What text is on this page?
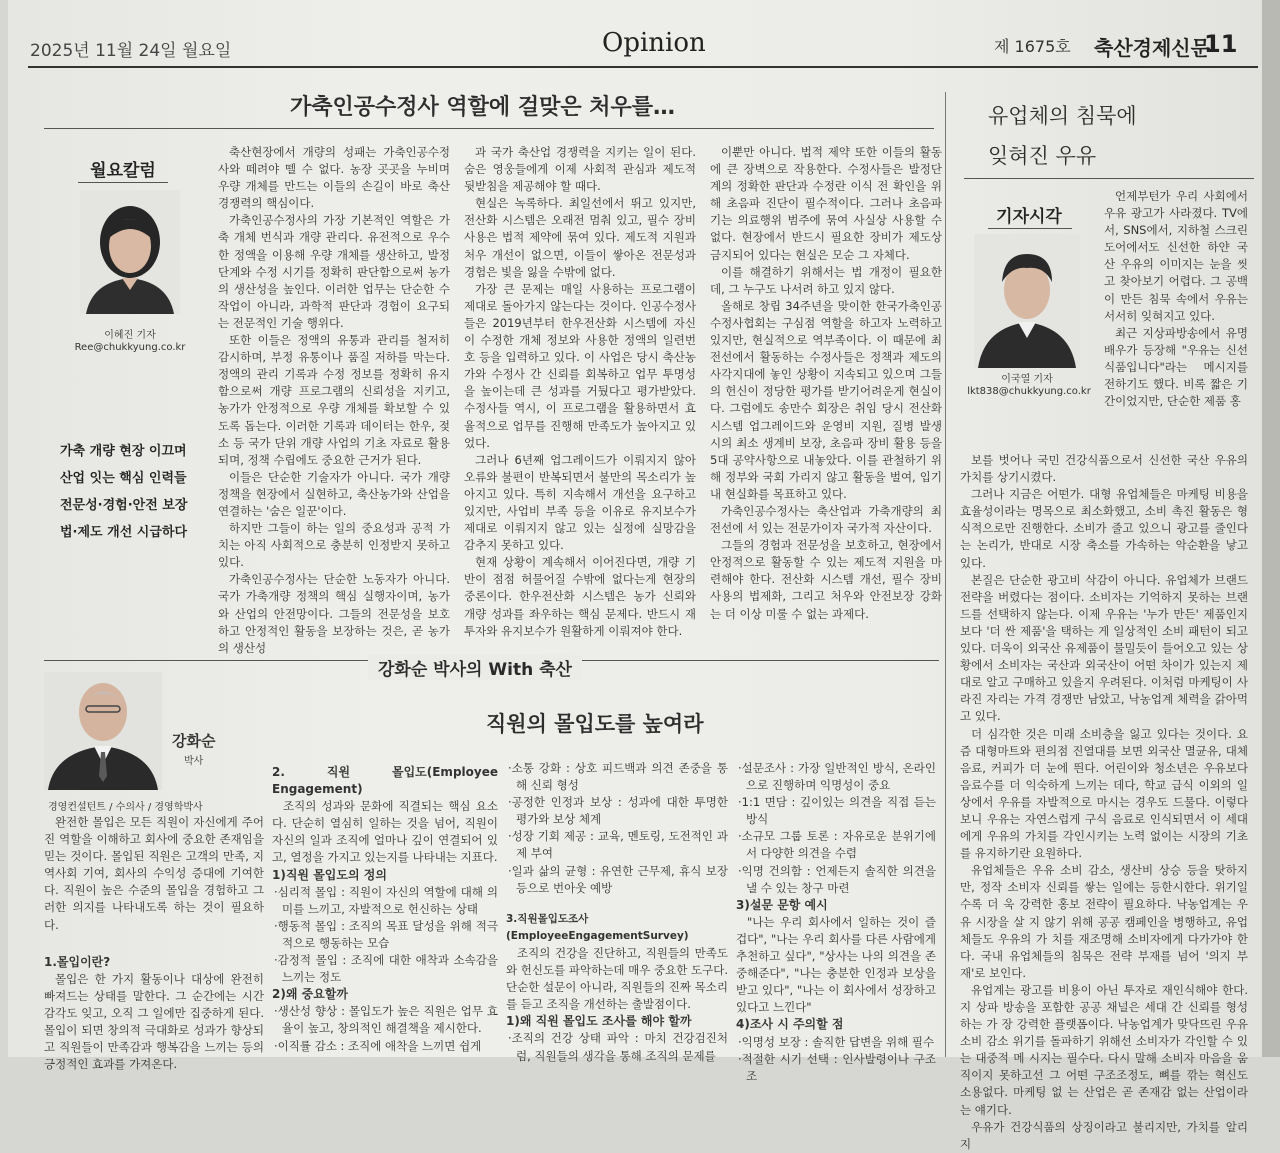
2025년 11월 24일 월요일	Opinion	제 1675호 축산경제신문
11
가축인공수정사 역할에 걸맞은 처우를…
월요칼럼
이혜진 기자
Ree@chukkyung.co.kr
가축 개량 현장 이끄며
산업 잇는 핵심 인력들
전문성·경험·안전 보장
법·제도 개선 시급하다

축산현장에서 개량의 성패는 가축인공수정사와 떼려야 뗄 수 없다. 농장 곳곳을 누비며 우량 개체를 만드는 이들의 손길이 바로 축산 경쟁력의 핵심이다.

가축인공수정사의 가장 기본적인 역할은 가축 개체 번식과 개량 관리다. 유전적으로 우수한 정액을 이용해 우량 개체를 생산하고, 발정단계와 수정 시기를 정확히 판단함으로써 농가의 생산성을 높인다. 이러한 업무는 단순한 수작업이 아니라, 과학적 판단과 경험이 요구되는 전문적인 기술 행위다.

또한 이들은 정액의 유통과 관리를 철저히 감시하며, 부정 유통이나 품질 저하를 막는다. 정액의 관리 기록과 수정 정보를 정확히 유지함으로써 개량 프로그램의 신뢰성을 지키고, 농가가 안정적으로 우량 개체를 확보할 수 있도록 돕는다. 이러한 기록과 데이터는 한우, 젖소 등 국가 단위 개량 사업의 기초 자료로 활용되며, 정책 수립에도 중요한 근거가 된다.

이들은 단순한 기술자가 아니다. 국가 개량 정책을 현장에서 실현하고, 축산농가와 산업을 연결하는 '숨은 일꾼'이다.

하지만 그들이 하는 일의 중요성과 공적 가치는 아직 사회적으로 충분히 인정받지 못하고 있다.

가축인공수정사는 단순한 노동자가 아니다. 국가 가축개량 정책의 핵심 실행자이며, 농가와 산업의 안전망이다. 그들의 전문성을 보호하고 안정적인 활동을 보장하는 것은, 곧 농가의 생산성

과 국가 축산업 경쟁력을 지키는 일이 된다. 숨은 영웅들에게 이제 사회적 관심과 제도적 뒷받침을 제공해야 할 때다.

현실은 녹록하다. 최일선에서 뛰고 있지만, 전산화 시스템은 오래전 멈춰 있고, 필수 장비 사용은 법적 제약에 묶여 있다. 제도적 지원과 처우 개선이 없으면, 이들이 쌓아온 전문성과 경험은 빛을 잃을 수밖에 없다.

가장 큰 문제는 매일 사용하는 프로그램이 제대로 돌아가지 않는다는 것이다. 인공수정사들은 2019년부터 한우전산화 시스템에 자신이 수정한 개체 정보와 사용한 정액의 일련번호 등을 입력하고 있다. 이 사업은 당시 축산농가와 수정사 간 신뢰를 회복하고 업무 투명성을 높이는데 큰 성과를 거뒀다고 평가받았다. 수정사들 역시, 이 프로그램을 활용하면서 효율적으로 업무를 진행해 만족도가 높아지고 있었다.

그러나 6년째 업그레이드가 이뤄지지 않아 오류와 불편이 반복되면서 불만의 목소리가 높아지고 있다. 특히 지속해서 개선을 요구하고 있지만, 사업비 부족 등을 이유로 유지보수가 제대로 이뤄지지 않고 있는 실정에 실망감을 감추지 못하고 있다.

현재 상황이 계속해서 이어진다면, 개량 기반이 점점 허물어질 수밖에 없다는게 현장의 중론이다. 한우전산화 시스템은 농가 신뢰와 개량 성과를 좌우하는 핵심 문제다. 반드시 재투자와 유지보수가 원활하게 이뤄져야 한다.

이뿐만 아니다. 법적 제약 또한 이들의 활동에 큰 장벽으로 작용한다. 수정사들은 발정단계의 정확한 판단과 수정란 이식 전 확인을 위해 초음파 진단이 필수적이다. 그러나 초음파기는 의료행위 범주에 묶여 사실상 사용할 수 없다. 현장에서 반드시 필요한 장비가 제도상 금지되어 있다는 현실은 모순 그 자체다.

이를 해결하기 위해서는 법 개정이 필요한데, 그 누구도 나서려 하고 있지 않다.

올해로 창립 34주년을 맞이한 한국가축인공수정사협회는 구심점 역할을 하고자 노력하고 있지만, 현실적으로 역부족이다. 이 때문에 최전선에서 활동하는 수정사들은 정책과 제도의 사각지대에 놓인 상황이 지속되고 있으며 그들의 헌신이 정당한 평가를 받기어려운게 현실이다. 그럼에도 송만수 회장은 취임 당시 전산화 시스템 업그레이드와 운영비 지원, 질병 발생시의 최소 생계비 보장, 초음파 장비 활용 등을 5대 공약사항으로 내놓았다. 이를 관철하기 위해 정부와 국회 가리지 않고 활동을 벌여, 입기 내 현실화를 목표하고 있다.

가축인공수정사는 축산업과 가축개량의 최전선에 서 있는 전문가이자 국가적 자산이다.

그들의 경험과 전문성을 보호하고, 현장에서 안정적으로 활동할 수 있는 제도적 지원을 마련해야 한다. 전산화 시스템 개선, 필수 장비 사용의 법제화, 그리고 처우와 안전보장 강화는 더 이상 미룰 수 없는 과제다.

강화순 박사의 With 축산
직원의 몰입도를 높여라
강화순
박사
경영컨설턴트 / 수의사 / 경영학박사

완전한 몰입은 모든 직원이 자신에게 주어진 역할을 이해하고 회사에 중요한 존재임을 믿는 것이다. 몰입된 직원은 고객의 만족, 지역사회 기여, 회사의 수익성 증대에 기여한다. 직원이 높은 수준의 몰입을 경험하고 그러한 의지를 나타내도록 하는 것이 필요하다.

1.몰입이란?

몰입은 한 가지 활동이나 대상에 완전히 빠져드는 상태를 말한다. 그 순간에는 시간 감각도 잊고, 오직 그 일에만 집중하게 된다. 몰입이 되면 창의적 극대화로 성과가 향상되고 직원들이 만족감과 행복감을 느끼는 등의 긍정적인 효과를 가져온다.

2. 직원 몰입도(Employee Engagement)

조직의 성과와 문화에 직결되는 핵심 요소다. 단순히 열심히 일하는 것을 넘어, 직원이 자신의 일과 조직에 얼마나 깊이 연결되어 있고, 열정을 가지고 있는지를 나타내는 지표다.

1)직원 몰입도의 정의
·심리적 몰입 : 직원이 자신의 역할에 대해 의미를 느끼고, 자발적으로 헌신하는 상태
·행동적 몰입 : 조직의 목표 달성을 위해 적극적으로 행동하는 모습
·감정적 몰입 : 조직에 대한 애착과 소속감을 느끼는 정도
2)왜 중요할까
·생산성 향상 : 몰입도가 높은 직원은 업무 효율이 높고, 창의적인 해결책을 제시한다.
·이직률 감소 : 조직에 애착을 느끼면 쉽게
·소통 강화 : 상호 피드백과 의견 존중을 통해 신뢰 형성
·공정한 인정과 보상 : 성과에 대한 투명한 평가와 보상 체계
·성장 기회 제공 : 교육, 멘토링, 도전적인 과제 부여
·일과 삶의 균형 : 유연한 근무제, 휴식 보장 등으로 번아웃 예방
3.직원몰입도조사(EmployeeEngagementSurvey)

조직의 건강을 진단하고, 직원들의 만족도와 헌신도를 파악하는데 매우 중요한 도구다. 단순한 설문이 아니라, 직원들의 진짜 목소리를 듣고 조직을 개선하는 출발점이다.

1)왜 직원 몰입도 조사를 해야 할까
·조직의 건강 상태 파악 : 마치 건강검진처럼, 직원들의 생각을 통해 조직의 문제를
·설문조사 : 가장 일반적인 방식, 온라인으로 진행하며 익명성이 중요
·1:1 면담 : 깊이있는 의견을 직접 듣는 방식
·소규모 그룹 토론 : 자유로운 분위기에서 다양한 의견을 수렴
·익명 건의함 : 언제든지 솔직한 의견을 낼 수 있는 창구 마련
3)설문 문항 예시

"나는 우리 회사에서 일하는 것이 즐겁다", "나는 우리 회사를 다른 사람에게 추천하고 싶다", "상사는 나의 의견을 존중해준다", "나는 충분한 인정과 보상을 받고 있다", "나는 이 회사에서 성장하고 있다고 느낀다"

4)조사 시 주의할 점
·익명성 보장 : 솔직한 답변을 위해 필수
·적절한 시기 선택 : 인사발령이나 구조조
유업체의 침묵에
잊혀진 우유
기자시각
이국열 기자
lkt838@chukkyung.co.kr

언제부턴가 우리 사회에서 우유 광고가 사라졌다. TV에서, SNS에서, 지하철 스크린도어에서도 신선한 하얀 국산 우유의 이미지는 눈을 씻고 찾아보기 어렵다. 그 공백이 만든 침묵 속에서 우유는 서서히 잊혀지고 있다.

최근 지상파방송에서 유명 배우가 등장해 "우유는 신선식품입니다"라는 메시지를 전하기도 했다. 비록 짧은 기간이었지만, 단순한 제품 홍

보를 벗어나 국민 건강식품으로서 신선한 국산 우유의 가치를 상기시켰다.

그러나 지금은 어떤가. 대형 유업체들은 마케팅 비용을 효율성이라는 명목으로 최소화했고, 소비 촉진 활동은 형식적으로만 진행한다. 소비가 줄고 있으니 광고를 줄인다는 논리가, 반대로 시장 축소를 가속하는 악순환을 낳고 있다.

본질은 단순한 광고비 삭감이 아니다. 유업체가 브랜드 전략을 버렸다는 점이다. 소비자는 기억하지 못하는 브랜드를 선택하지 않는다. 이제 우유는 '누가 만든' 제품인지보다 '더 싼 제품'을 택하는 게 일상적인 소비 패턴이 되고 있다. 더욱이 외국산 유제품이 물밀듯이 들어오고 있는 상황에서 소비자는 국산과 외국산이 어떤 차이가 있는지 제대로 알고 구매하고 있을지 우려된다. 이처럼 마케팅이 사라진 자리는 가격 경쟁만 남았고, 낙농업계 체력을 갉아먹고 있다.

더 심각한 것은 미래 소비층을 잃고 있다는 것이다. 요즘 대형마트와 편의점 진열대를 보면 외국산 멸균유, 대체 음료, 커피가 더 눈에 띈다. 어린이와 청소년은 우유보다 음료수를 더 익숙하게 느끼는 데다, 학교 급식 이외의 일상에서 우유를 자발적으로 마시는 경우도 드물다. 이렇다 보니 우유는 자연스럽게 구식 음료로 인식되면서 이 세대에게 우유의 가치를 각인시키는 노력 없이는 시장의 기초를 유지하기란 요원하다.

유업체들은 우유 소비 감소, 생산비 상승 등을 탓하지만, 정작 소비자 신뢰를 쌓는 일에는 등한시한다. 위기일수록 더 욱 강력한 홍보 전략이 필요하다. 낙농업계는 우유 시장을 살 지 않기 위해 공공 캠페인을 병행하고, 유업체들도 우유의 가 치를 재조명해 소비자에게 다가가야 한다. 국내 유업체들의 침묵은 전략 부재를 넘어 '의지 부재'로 보인다.

유업계는 광고를 비용이 아닌 투자로 재인식해야 한다. 지 상파 방송을 포함한 공공 채널은 세대 간 신뢰를 형성하는 가 장 강력한 플랫폼이다. 낙농업계가 맞닥뜨린 우유 소비 감소 위기를 돌파하기 위해선 소비자가 각인할 수 있는 대중적 메 시지는 필수다. 다시 말해 소비자 마음을 움직이지 못하고선 그 어떤 구조조정도, 뼈를 깎는 혁신도 소용없다. 마케팅 없 는 산업은 곧 존재감 없는 산업이라는 얘기다.

우유가 건강식품의 상징이라고 불리지만, 가치를 알리지
